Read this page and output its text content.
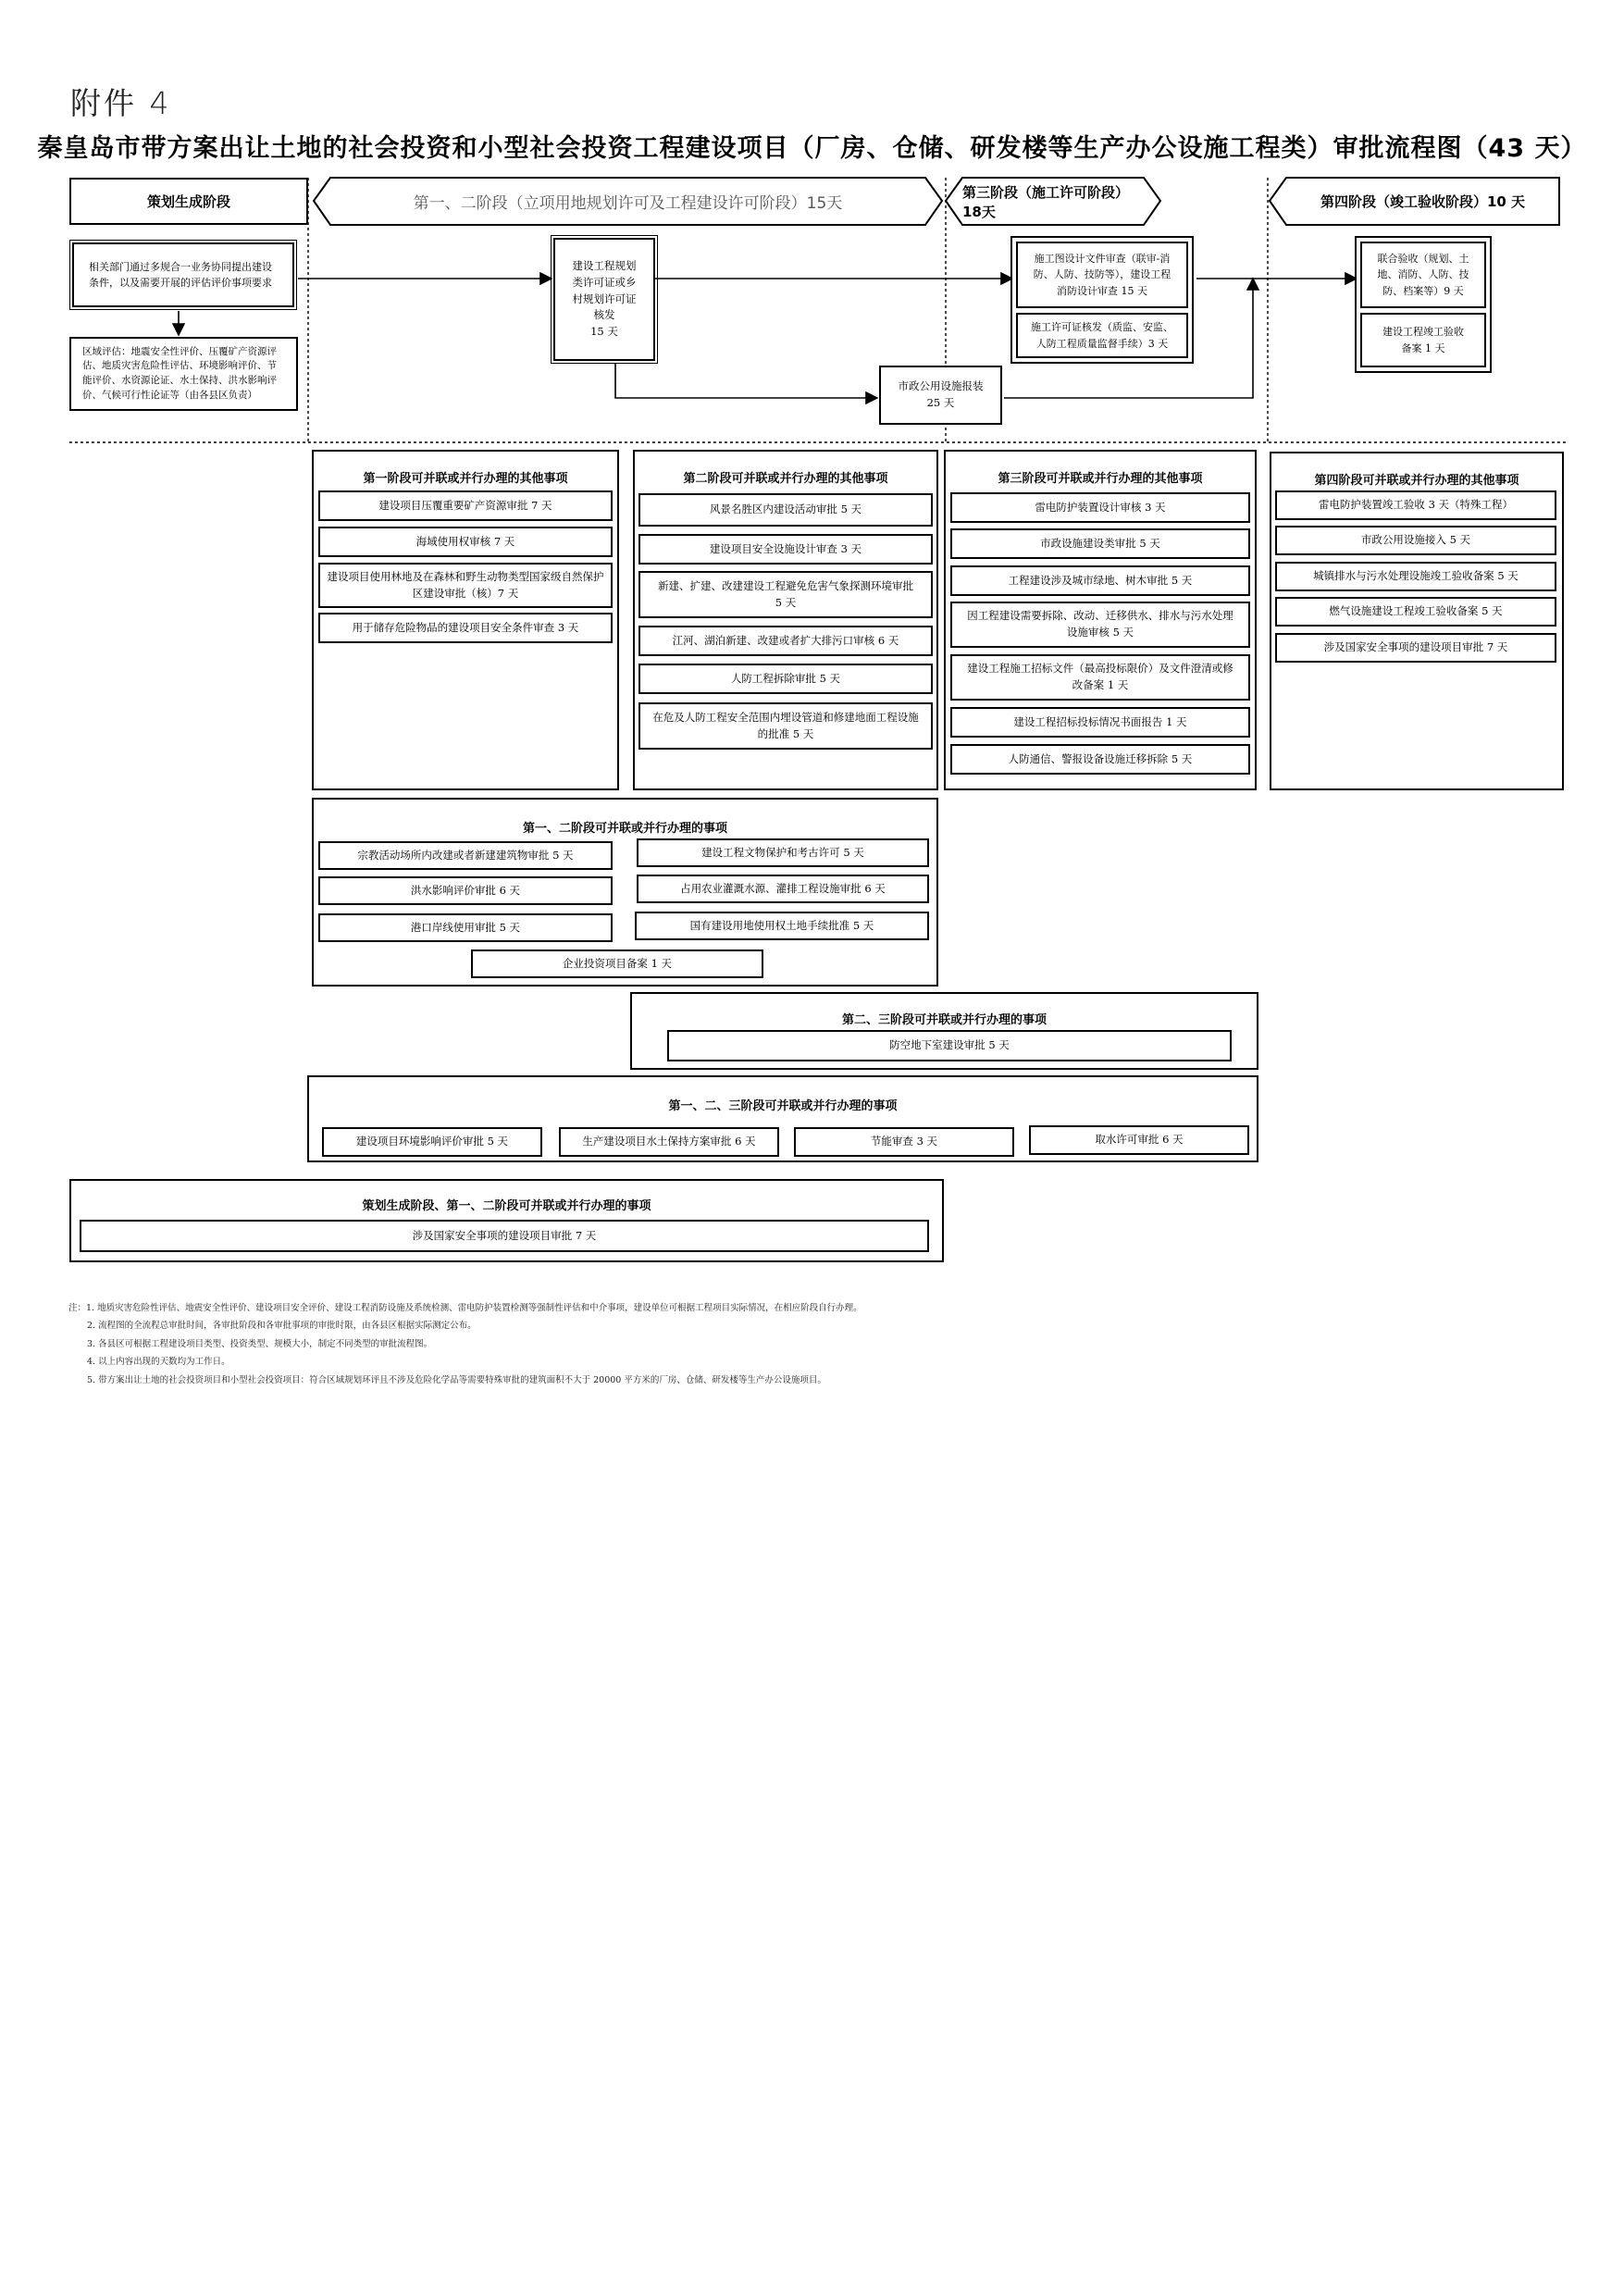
附件 4
秦皇岛市带方案出让土地的社会投资和小型社会投资工程建设项目（厂房、仓储、研发楼等生产办公设施工程类）审批流程图（43 天）
策划生成阶段	第一、二阶段（立项用地规划许可及工程建设许可阶段）15天
第三阶段（施工许可阶段）18天
第四阶段（竣工验收阶段）10 天
相关部门通过多规合一业务协同提出建设条件，以及需要开展的评估评价事项要求
区域评估：地震安全性评价、压覆矿产资源评估、地质灾害危险性评估、环境影响评价、节能评价、水资源论证、水土保持、洪水影响评价、气候可行性论证等（由各县区负责）
建设工程规划类许可证或乡村规划许可证核发
15 天
市政公用设施报装
25 天
施工图设计文件审查（联审-消防、人防、技防等），建设工程消防设计审查 15 天
施工许可证核发（质监、安监、人防工程质量监督手续）3 天
联合验收（规划、土地、消防、人防、技防、档案等）9 天
建设工程竣工验收备案 1 天
第一阶段可并联或并行办理的其他事项
建设项目压覆重要矿产资源审批 7 天
海域使用权审核 7 天
建设项目使用林地及在森林和野生动物类型国家级自然保护区建设审批（核）7 天
用于储存危险物品的建设项目安全条件审查 3 天
第二阶段可并联或并行办理的其他事项
风景名胜区内建设活动审批 5 天
建设项目安全设施设计审查 3 天
新建、扩建、改建建设工程避免危害气象探测环境审批 5 天
江河、湖泊新建、改建或者扩大排污口审核 6 天
人防工程拆除审批 5 天
在危及人防工程安全范围内埋设管道和修建地面工程设施的批准 5 天
第三阶段可并联或并行办理的其他事项
雷电防护装置设计审核 3 天
市政设施建设类审批 5 天
工程建设涉及城市绿地、树木审批 5 天
因工程建设需要拆除、改动、迁移供水、排水与污水处理设施审核 5 天
建设工程施工招标文件（最高投标限价）及文件澄清或修改备案 1 天
建设工程招标投标情况书面报告 1 天
人防通信、警报设备设施迁移拆除 5 天
第四阶段可并联或并行办理的其他事项
雷电防护装置竣工验收 3 天（特殊工程）
市政公用设施接入 5 天
城镇排水与污水处理设施竣工验收备案 5 天
燃气设施建设工程竣工验收备案 5 天
涉及国家安全事项的建设项目审批 7 天
第一、二阶段可并联或并行办理的事项
宗教活动场所内改建或者新建建筑物审批 5 天	建设工程文物保护和考古许可 5 天
洪水影响评价审批 6 天	占用农业灌溉水源、灌排工程设施审批 6 天
港口岸线使用审批 5 天	国有建设用地使用权土地手续批准 5 天
企业投资项目备案 1 天
第二、三阶段可并联或并行办理的事项
防空地下室建设审批 5 天
第一、二、三阶段可并联或并行办理的事项
建设项目环境影响评价审批 5 天	生产建设项目水土保持方案审批 6 天	节能审查 3 天	取水许可审批 6 天
策划生成阶段、第一、二阶段可并联或并行办理的事项
涉及国家安全事项的建设项目审批 7 天
注：1. 地质灾害危险性评估、地震安全性评价、建设项目安全评价、建设工程消防设施及系统检测、雷电防护装置检测等强制性评估和中介事项，建设单位可根据工程项目实际情况，在相应阶段自行办理。
2. 流程图的全流程总审批时间，各审批阶段和各审批事项的审批时限，由各县区根据实际测定公布。
3. 各县区可根据工程建设项目类型、投资类型、规模大小，制定不同类型的审批流程图。
4. 以上内容出现的天数均为工作日。
5. 带方案出让土地的社会投资项目和小型社会投资项目：符合区域规划环评且不涉及危险化学品等需要特殊审批的建筑面积不大于 20000 平方米的厂房、仓储、研发楼等生产办公设施项目。
